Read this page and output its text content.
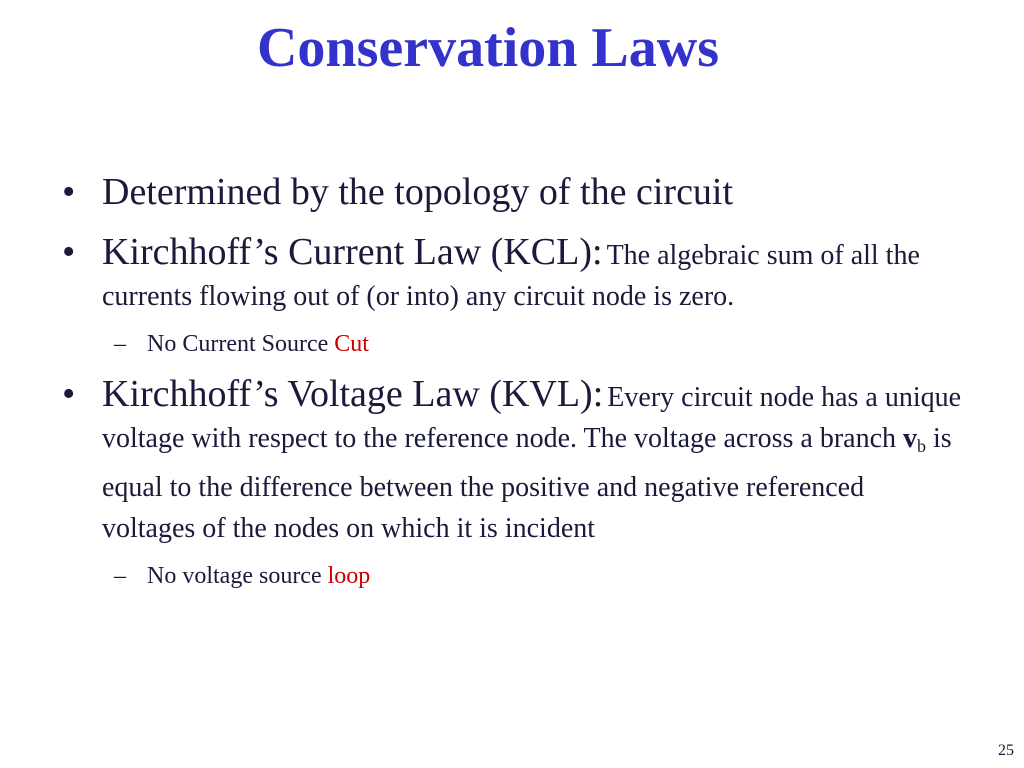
Conservation Laws
• Determined by the topology of the circuit
• Kirchhoff’s Current Law (KCL): The algebraic sum of all the currents flowing out of (or into) any circuit node is zero.
– No Current Source Cut
• Kirchhoff’s Voltage Law (KVL): Every circuit node has a unique voltage with respect to the reference node. The voltage across a branch $v_b$ is equal to the difference between the positive and negative referenced voltages of the nodes on which it is incident
– No voltage source loop
25
